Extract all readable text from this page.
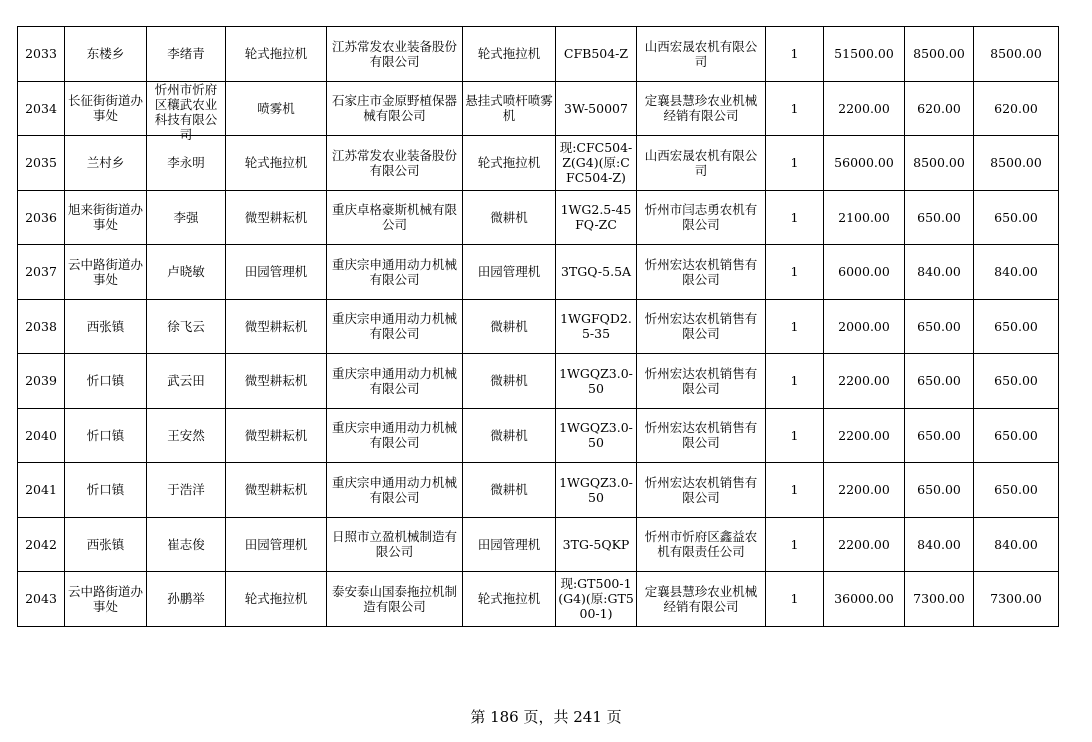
2033	东楼乡	李绪青	轮式拖拉机	江苏常发农业装备股份有限公司	轮式拖拉机	CFB504-Z	山西宏晟农机有限公司	1	51500.00	8500.00	8500.00
2034	长征街街道办事处	忻州市忻府区穰武农业科技有限公司	喷雾机	石家庄市金原野植保器械有限公司	悬挂式喷杆喷雾机	3W-50007	定襄县慧珍农业机械经销有限公司	1	2200.00	620.00	620.00
2035	兰村乡	李永明	轮式拖拉机	江苏常发农业装备股份有限公司	轮式拖拉机	现:CFC504-Z(G4)(原:CFC504-Z)	山西宏晟农机有限公司	1	56000.00	8500.00	8500.00
2036	旭来街街道办事处	李强	微型耕耘机	重庆卓格豪斯机械有限公司	微耕机	1WG2.5-45FQ-ZC	忻州市闫志勇农机有限公司	1	2100.00	650.00	650.00
2037	云中路街道办事处	卢晓敏	田园管理机	重庆宗申通用动力机械有限公司	田园管理机	3TGQ-5.5A	忻州宏达农机销售有限公司	1	6000.00	840.00	840.00
2038	西张镇	徐飞云	微型耕耘机	重庆宗申通用动力机械有限公司	微耕机	1WGFQD2.5-35	忻州宏达农机销售有限公司	1	2000.00	650.00	650.00
2039	忻口镇	武云田	微型耕耘机	重庆宗申通用动力机械有限公司	微耕机	1WGQZ3.0-50	忻州宏达农机销售有限公司	1	2200.00	650.00	650.00
2040	忻口镇	王安然	微型耕耘机	重庆宗申通用动力机械有限公司	微耕机	1WGQZ3.0-50	忻州宏达农机销售有限公司	1	2200.00	650.00	650.00
2041	忻口镇	于浩洋	微型耕耘机	重庆宗申通用动力机械有限公司	微耕机	1WGQZ3.0-50	忻州宏达农机销售有限公司	1	2200.00	650.00	650.00
2042	西张镇	崔志俊	田园管理机	日照市立盈机械制造有限公司	田园管理机	3TG-5QKP	忻州市忻府区鑫益农机有限责任公司	1	2200.00	840.00	840.00
2043	云中路街道办事处	孙鹏举	轮式拖拉机	泰安泰山国泰拖拉机制造有限公司	轮式拖拉机	现:GT500-1(G4)(原:GT500-1)	定襄县慧珍农业机械经销有限公司	1	36000.00	7300.00	7300.00
第 186 页，共 241 页
